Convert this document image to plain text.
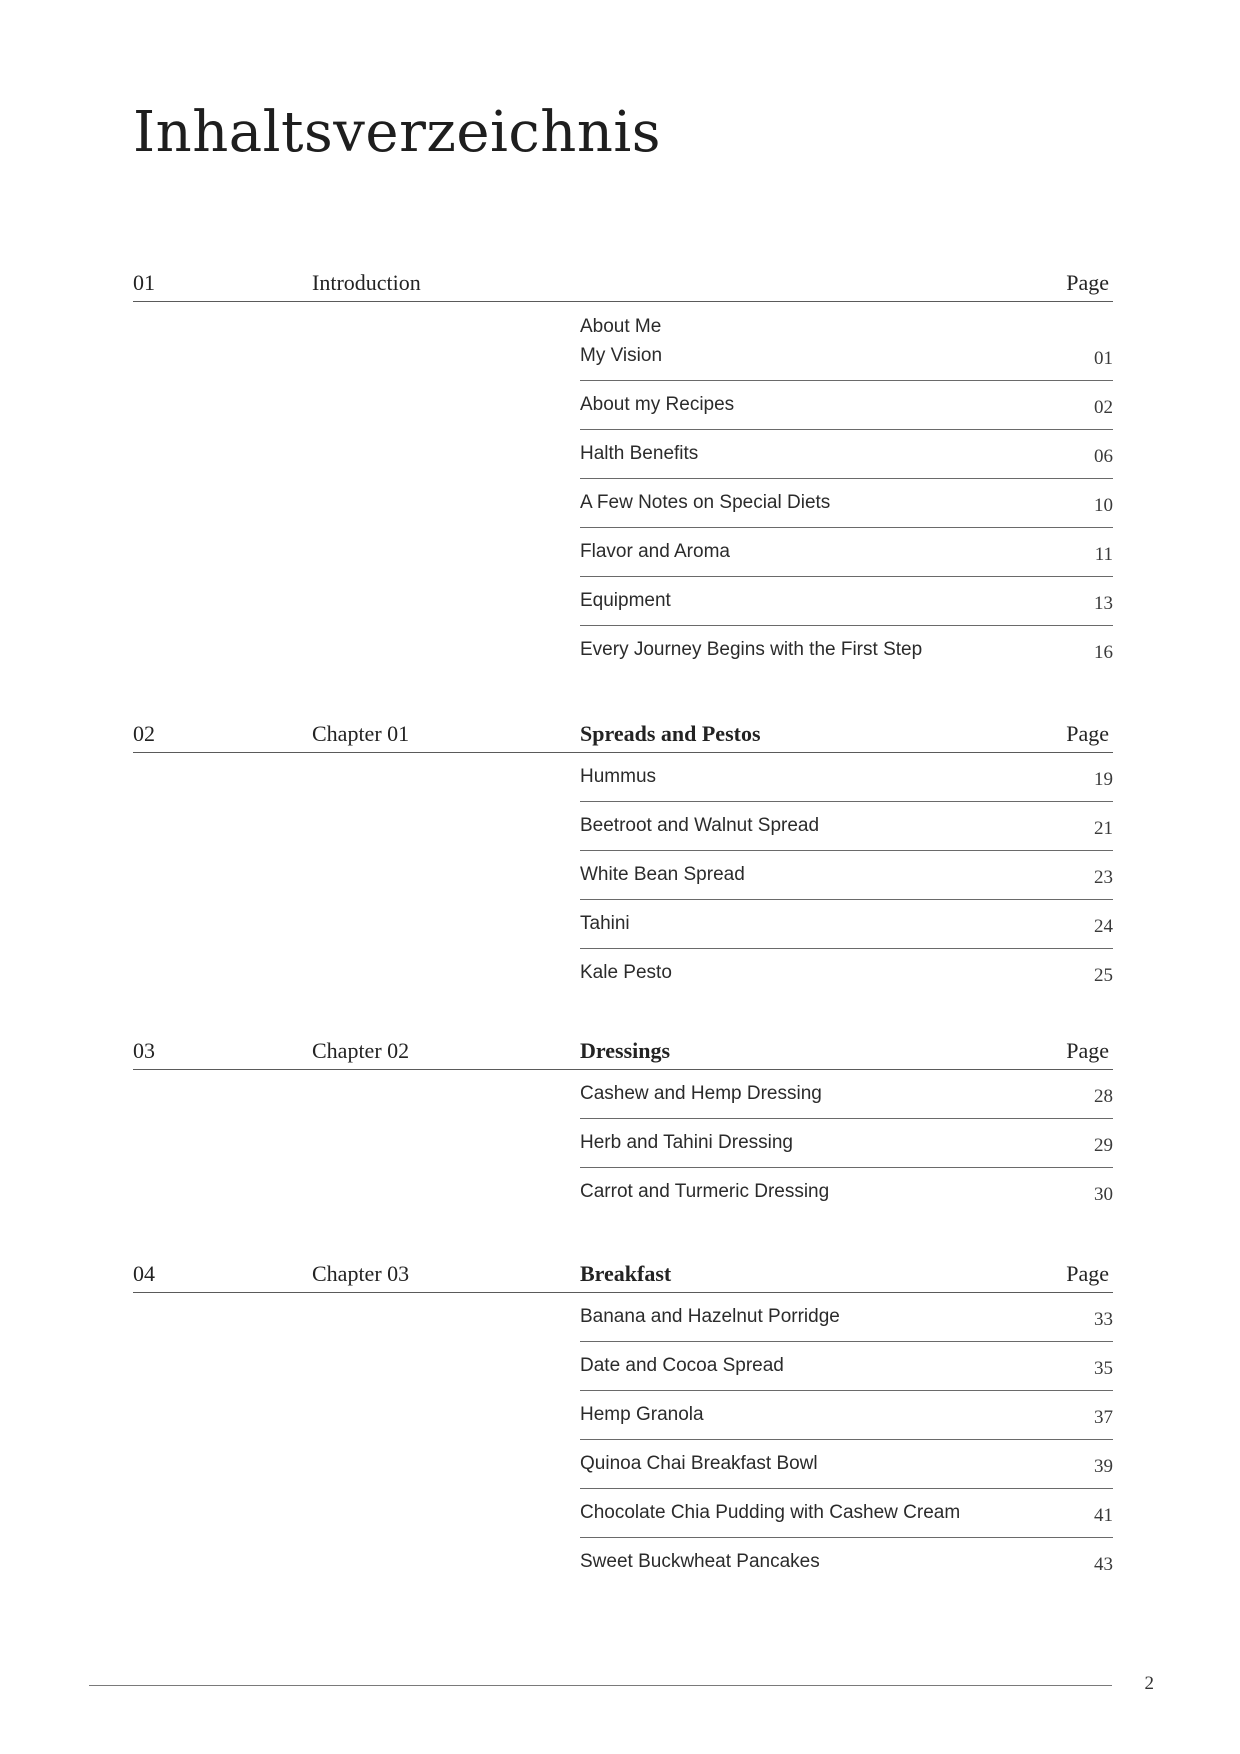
Inhaltsverzeichnis
01	Introduction	Page
About Me
My Vision	01
About my Recipes	02
Halth Benefits	06
A Few Notes on Special Diets	10
Flavor and Aroma	11
Equipment	13
Every Journey Begins with the First Step	16
02	Chapter 01	Spreads and Pestos	Page
Hummus	19
Beetroot and Walnut Spread	21
White Bean Spread	23
Tahini	24
Kale Pesto	25
03	Chapter 02	Dressings	Page
Cashew and Hemp Dressing	28
Herb and Tahini Dressing	29
Carrot and Turmeric Dressing	30
04	Chapter 03	Breakfast	Page
Banana and Hazelnut Porridge	33
Date and Cocoa Spread	35
Hemp Granola	37
Quinoa Chai Breakfast Bowl	39
Chocolate Chia Pudding with Cashew Cream	41
Sweet Buckwheat Pancakes	43
2
